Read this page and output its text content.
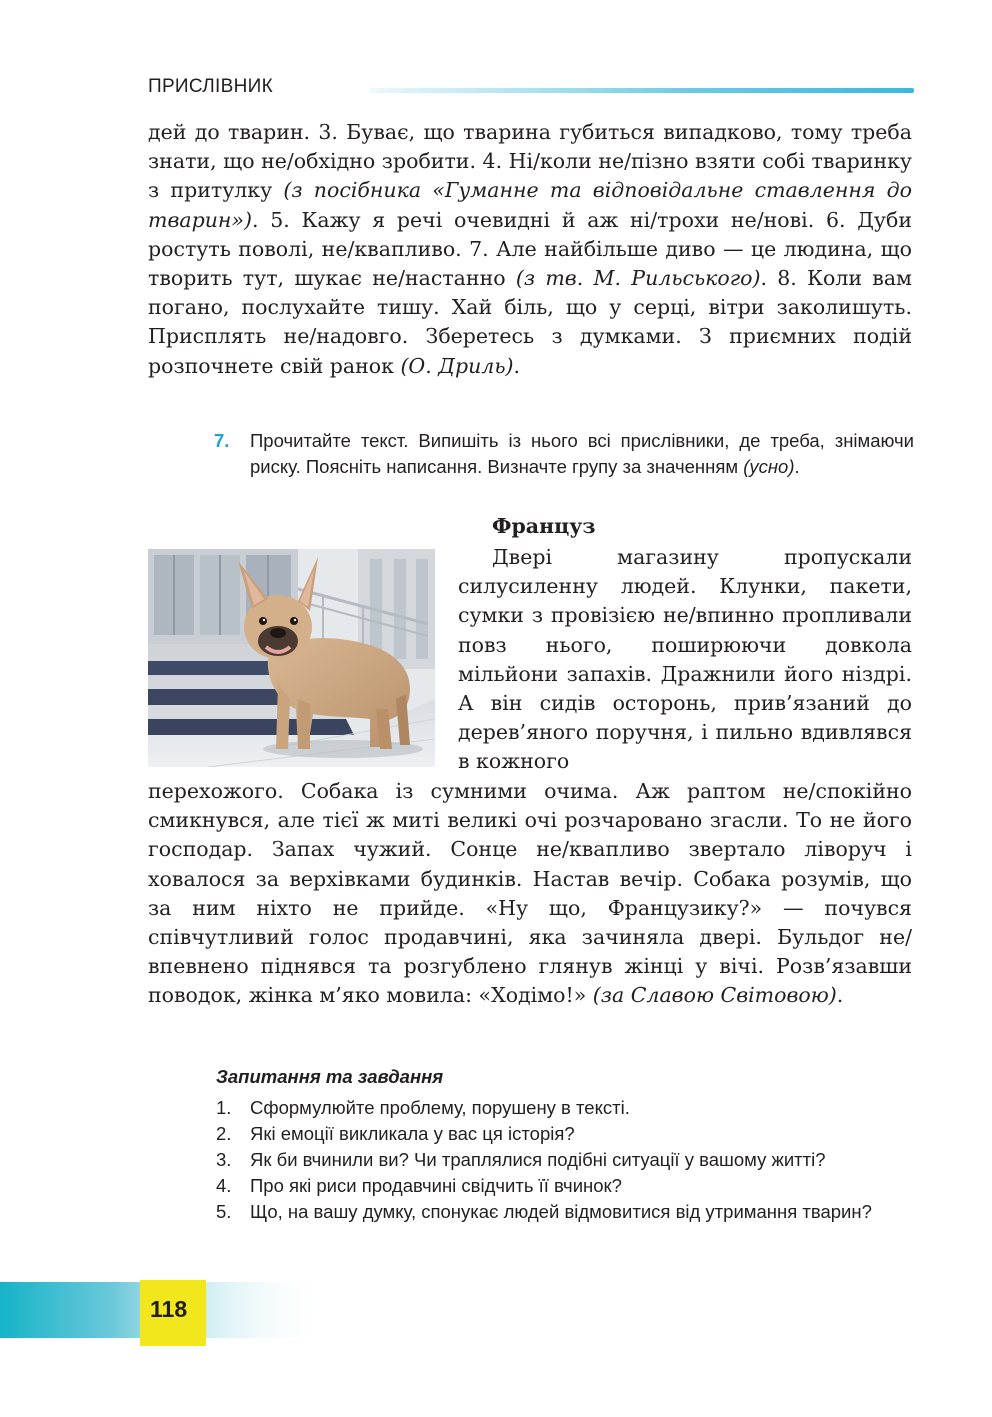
ПРИСЛІВНИК

дей до тварин. 3. Буває, що тварина губиться випадково, тому треба знати, що не/обхідно зробити. 4. Ні/коли не/пізно взяти собі тваринку з притулку (з посібника «Гуманне та відповідальне ставлення до тварин»). 5. Кажу я речі очевидні й аж ні/трохи не/нові. 6. Дуби ростуть поволі, не/квапливо. 7. Але найбільше диво — це людина, що творить тут, шукає не/настанно (з тв. М. Рильського). 8. Коли вам погано, послухайте тишу. Хай біль, що у серці, вітри заколишуть. Присплять не/надовго. Зберетесь з думками. З приємних подій розпочнете свій ранок (О. Дриль).

7. Прочитайте текст. Випишіть із нього всі прислівники, де треба, знімаючи риску. Поясніть написання. Визначте групу за значенням (усно).
Француз
Двері магазину пропускали силусиленну людей. Клунки, пакети, сумки з провізією не/впинно пропливали повз нього, поширюючи довкола мільйони запахів. Дражнили його ніздрі. А він сидів осторонь, прив’язаний до дерев’яного поручня, і пильно вдивлявся в кожного
перехожого. Собака із сумними очима. Аж раптом не/спокійно смикнувся, але тієї ж миті великі очі розчаровано згасли. То не його господар. Запах чужий. Сонце не/квапливо звертало ліворуч і ховалося за верхівками будинків. Настав вечір. Собака розумів, що за ним ніхто не прийде. «Ну що, Французику?» — почувся співчутливий голос продавчині, яка зачиняла двері. Бульдог не/впевнено піднявся та розгублено глянув жінці у вічі. Розв’язавши поводок, жінка м’яко мовила: «Ходімо!» (за Славою Світовою).
Запитання та завдання
1. Сформулюйте проблему, порушену в тексті.
2. Які емоції викликала у вас ця історія?
3. Як би вчинили ви? Чи траплялися подібні ситуації у вашому житті?
4. Про які риси продавчині свідчить її вчинок?
5. Що, на вашу думку, спонукає людей відмовитися від утримання тварин?
118
